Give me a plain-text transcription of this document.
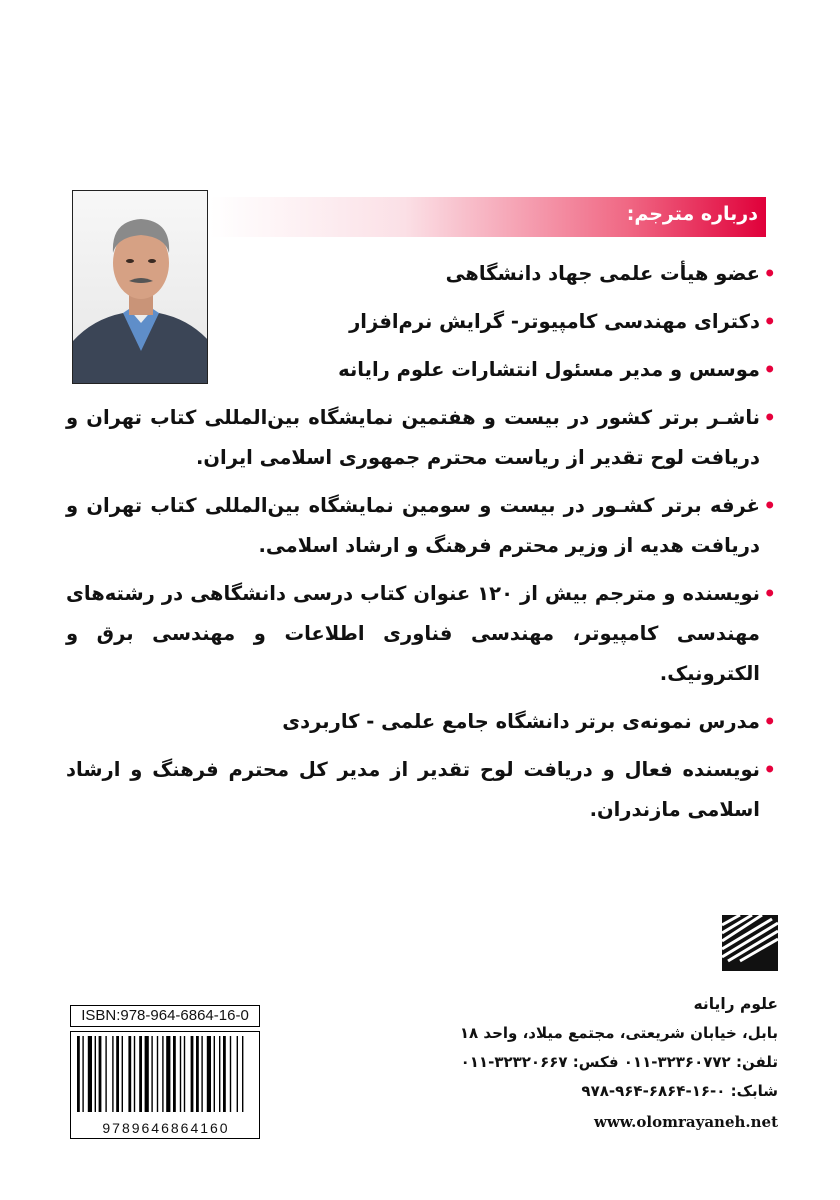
درباره مترجم:
•
عضو هیأت علمی جهاد دانشگاهی
•
دکترای مهندسی کامپیوتر- گرایش نرم‌افزار
•
موسس و مدیر مسئول انتشارات علوم رایانه
•
ناشـر برتر کشور در بیست و هفتمین نمایشگاه بین‌المللی کتاب تهران و دریافت لوح تقدیر از ریاست محترم جمهوری اسلامی ایران.
•
غرفه برتر کشـور در بیست و سومین نمایشگاه بین‌المللی کتاب تهران و دریافت هدیه از وزیر محترم فرهنگ و ارشاد اسلامی.
•
نویسنده و مترجم بیش از ۱۲۰ عنوان کتاب درسی دانشگاهی در رشته‌های مهندسی کامپیوتر، مهندسی فناوری اطلاعات و مهندسی برق و الکترونیک.
•
مدرس نمونه‌ی برتر دانشگاه جامع علمی - کاربردی
•
نویسنده فعال و دریافت لوح تقدیر از مدیر کل محترم فرهنگ و ارشاد اسلامی مازندران.
علوم رایانه
بابل، خیابان شریعتی، مجتمع میلاد، واحد ۱۸
تلفن: ۳۲۳۶۰۷۷۲-۰۱۱ فکس: ۳۲۳۲۰۶۶۷-۰۱۱
شابک: ۰-۱۶-۶۸۶۴-۹۶۴-۹۷۸
www.olomrayaneh.net
ISBN:978-964-6864-16-0
9789646864160
